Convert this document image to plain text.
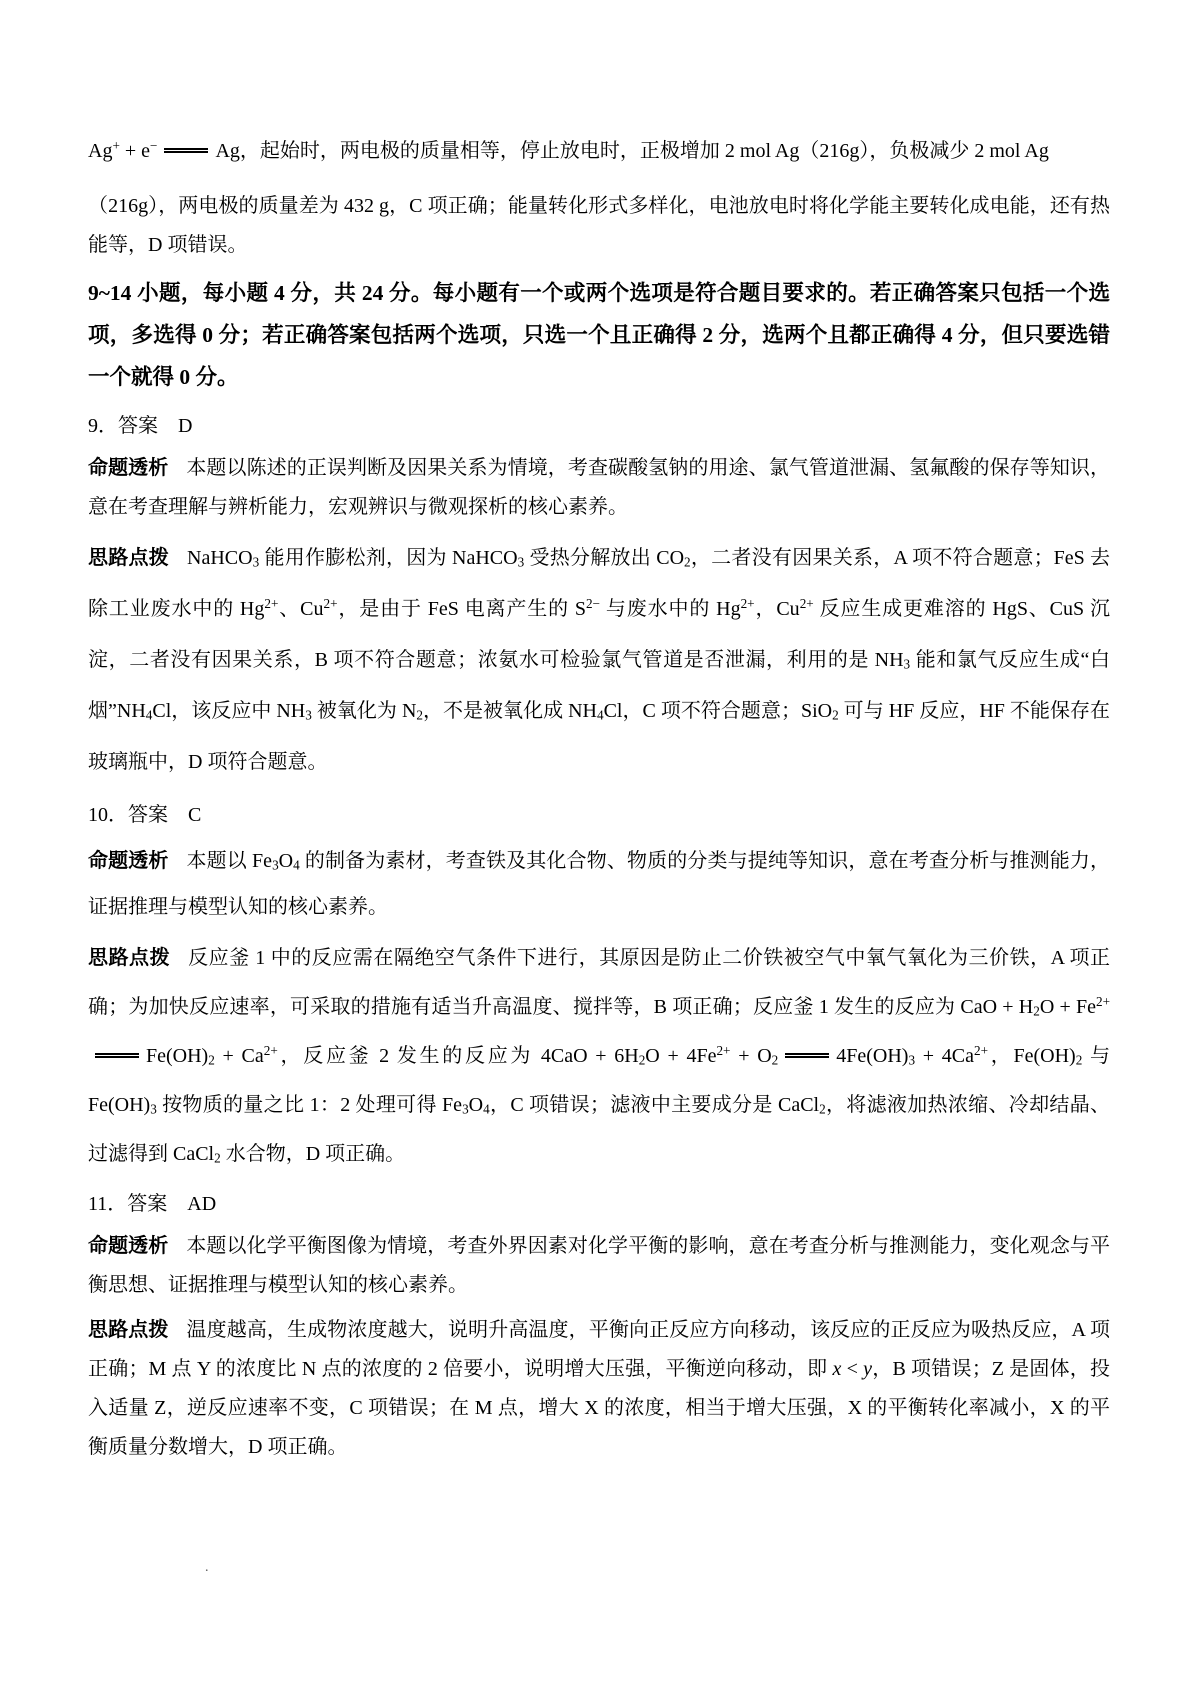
Ag+ + e−	Ag，起始时，两电极的质量相等，停止放电时，正极增加 2 mol Ag（216g），负极减少 2 mol Ag
（216g），两电极的质量差为 432 g，C 项正确；能量转化形式多样化，电池放电时将化学能主要转化成电能，还有热能等，D 项错误。
9~14 小题，每小题 4 分，共 24 分。每小题有一个或两个选项是符合题目要求的。若正确答案只包括一个选项，多选得 0 分；若正确答案包括两个选项，只选一个且正确得 2 分，选两个且都正确得 4 分，但只要选错一个就得 0 分。
9．答案　D
命题透析 本题以陈述的正误判断及因果关系为情境，考查碳酸氢钠的用途、氯气管道泄漏、氢氟酸的保存等知识，意在考查理解与辨析能力，宏观辨识与微观探析的核心素养。
思路点拨 NaHCO$_3$ 能用作膨松剂，因为 NaHCO$_3$ 受热分解放出 $CO_2$，二者没有因果关系，A 项不符合题意；FeS 去除工业废水中的 $Hg^{2+}$、$Cu^{2+}$，是由于 FeS 电离产生的 $S^{2-}$ 与废水中的 $Hg^{2+}$，$Cu^{2+}$ 反应生成更难溶的 HgS、CuS 沉淀，二者没有因果关系，B 项不符合题意；浓氨水可检验氯气管道是否泄漏，利用的是 $NH_3$ 能和氯气反应生成“白烟$”NH_4Cl$，该反应中 $NH_3$ 被氧化为 $N_2$，不是被氧化成 $NH_4Cl$，C 项不符合题意；SiO$_2$ 可与 HF 反应，HF 不能保存在玻璃瓶中，D 项符合题意。
10．答案　C
命题透析 本题以 $Fe_3O_4$ 的制备为素材，考查铁及其化合物、物质的分类与提纯等知识，意在考查分析与推测能力，证据推理与模型认知的核心素养。
思路点拨 反应釜 1 中的反应需在隔绝空气条件下进行，其原因是防止二价铁被空气中氧气氧化为三价铁，A 项正确；为加快反应速率，可采取的措施有适当升高温度、搅拌等，B 项正确；反应釜 1 发生的反应为 CaO + $H_2O + Fe^{2+}Fe(OH)_2 + Ca^{2+}$，反应釜 2 发生的反应为 $4CaO + 6H_2O + 4Fe^{2+} + O_2$	$4Fe(OH)_3 + 4Ca^{2+}$，$Fe(OH)_2$ 与 $Fe(OH)_3$ 按物质的量之比 1：2 处理可得 $Fe_3O_4$，C 项错误；滤液中主要成分是 CaCl$_2$，将滤液加热浓缩、冷却结晶、过滤得到 CaCl$_2$ 水合物，D 项正确。
11．答案　AD
命题透析 本题以化学平衡图像为情境，考查外界因素对化学平衡的影响，意在考查分析与推测能力，变化观念与平衡思想、证据推理与模型认知的核心素养。
思路点拨 温度越高，生成物浓度越大，说明升高温度，平衡向正反应方向移动，该反应的正反应为吸热反应，A 项正确；M 点 Y 的浓度比 N 点的浓度的 2 倍要小，说明增大压强，平衡逆向移动，即 x < y，B 项错误；Z 是固体，投入适量 Z，逆反应速率不变，C 项错误；在 M 点，增大 X 的浓度，相当于增大压强，X 的平衡转化率减小，X 的平衡质量分数增大，D 项正确。
.
